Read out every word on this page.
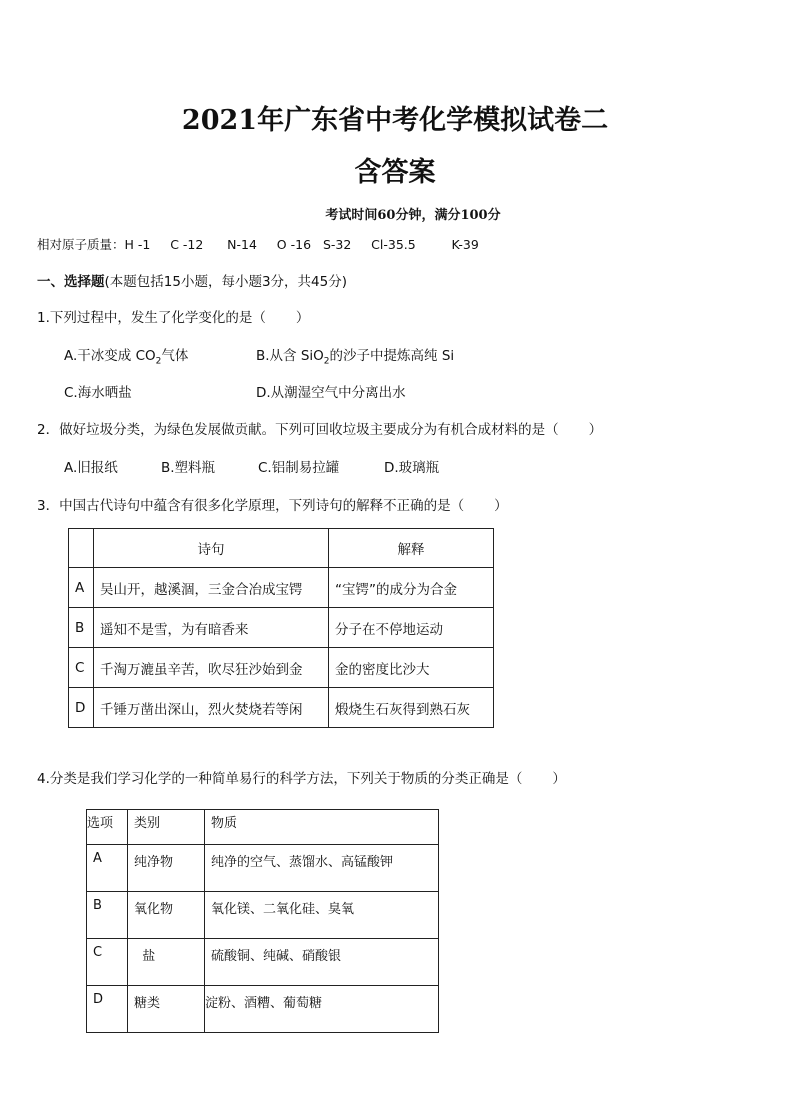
2021年广东省中考化学模拟试卷二
含答案
考试时间60分钟，满分100分
相对原子质量：H -1     C -12      N-14     O -16   S-32     Cl-35.5         K-39
一、选择题(本题包括15小题，每小题3分，共45分)
1.下列过程中，发生了化学变化的是（       ）
A.干冰变成 $CO_2$气体	B.从含 SiO$_2$的沙子中提炼高纯 Si
C.海水晒盐	D.从潮湿空气中分离出水
2．做好垃圾分类，为绿色发展做贡献。下列可回收垃圾主要成分为有机合成材料的是（       ）
A.旧报纸	B.塑料瓶	C.铝制易拉罐	D.玻璃瓶
3．中国古代诗句中蕴含有很多化学原理，下列诗句的解释不正确的是（       ）
	诗句	解释
A	吴山开，越溪涸，三金合冶成宝锷	“宝锷”的成分为合金
B	遥知不是雪，为有暗香来	分子在不停地运动
C	千淘万漉虽辛苦，吹尽狂沙始到金	金的密度比沙大
D	千锤万凿出深山，烈火焚烧若等闲	煅烧生石灰得到熟石灰
4.分类是我们学习化学的一种简单易行的科学方法，下列关于物质的分类正确是（       ）
选项	类别	物质
A	纯净物	纯净的空气、蒸馏水、高锰酸钾
B	氧化物	氧化镁、二氧化硅、臭氧
C	盐	硫酸铜、纯碱、硝酸银
D	糖类	淀粉、酒糟、葡萄糖
